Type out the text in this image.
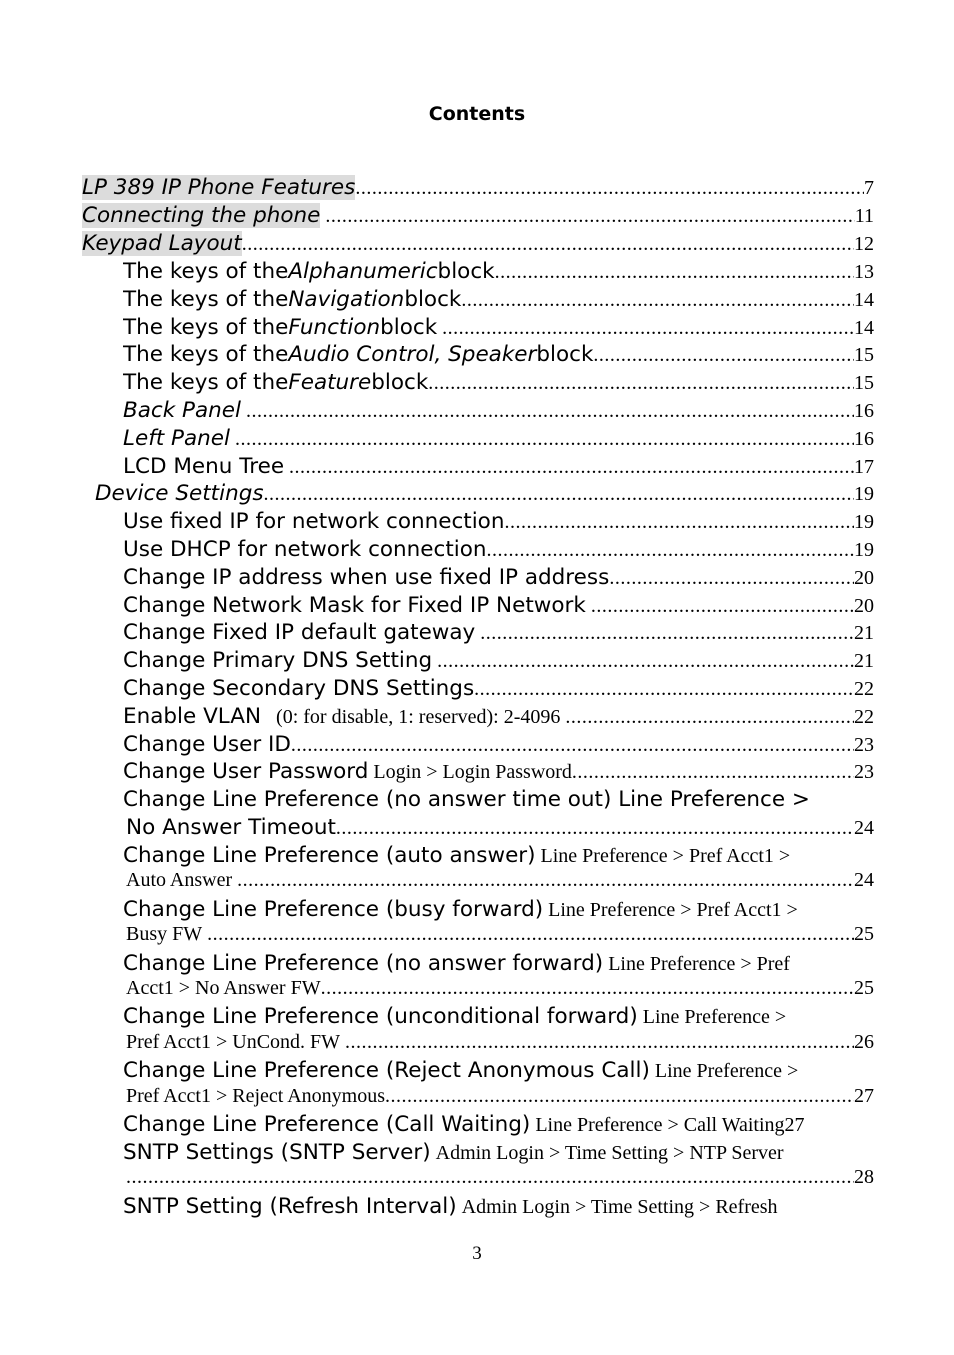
Contents
LP 389 IP Phone Features .....	7
Connecting the phone
.....	11
Keypad Layout .....	12
The keys of the Alphanumeric block .....	13
The keys of the Navigation block .....	14
The keys of the Function block
.....	14
The keys of the Audio Control, Speaker block .....	15
The keys of the Feature block .....	15
Back Panel
.....	16
Left Panel
.....	16
LCD Menu Tree
.....	17
Device Settings .....	19
Use fixed IP for network connection .....	19
Use DHCP for network connection .....	19
Change IP address when use fixed IP address .....	20
Change Network Mask for Fixed IP Network
.....	20
Change Fixed IP default gateway
.....	21
Change Primary DNS Setting
.....	21
Change Secondary DNS Settings .....	22
Enable VLAN
(0: for disable, 1: reserved): 2-4096
.....	22
Change User ID .....	23
Change User Password
Login > Login Password .....	23
Change Line Preference (no answer time out) Line Preference >
No Answer Timeout .....	24
Change Line Preference (auto answer)
Line Preference > Pref Acct1 >
Auto Answer
.....	24
Change Line Preference (busy forward)
Line Preference > Pref Acct1 >
Busy FW
.....	25
Change Line Preference (no answer forward)
Line Preference > Pref
Acct1 > No Answer FW .....	25
Change Line Preference (unconditional forward)
Line Preference >
Pref Acct1 > UnCond. FW
.....	26
Change Line Preference (Reject Anonymous Call)
Line Preference >
Pref Acct1 > Reject Anonymous .....	27
Change Line Preference (Call Waiting)
Line Preference > Call Waiting 27
SNTP Settings (SNTP Server)
Admin Login > Time Setting > NTP Server
.....
28
SNTP Setting (Refresh Interval)
Admin Login > Time Setting > Refresh
3
